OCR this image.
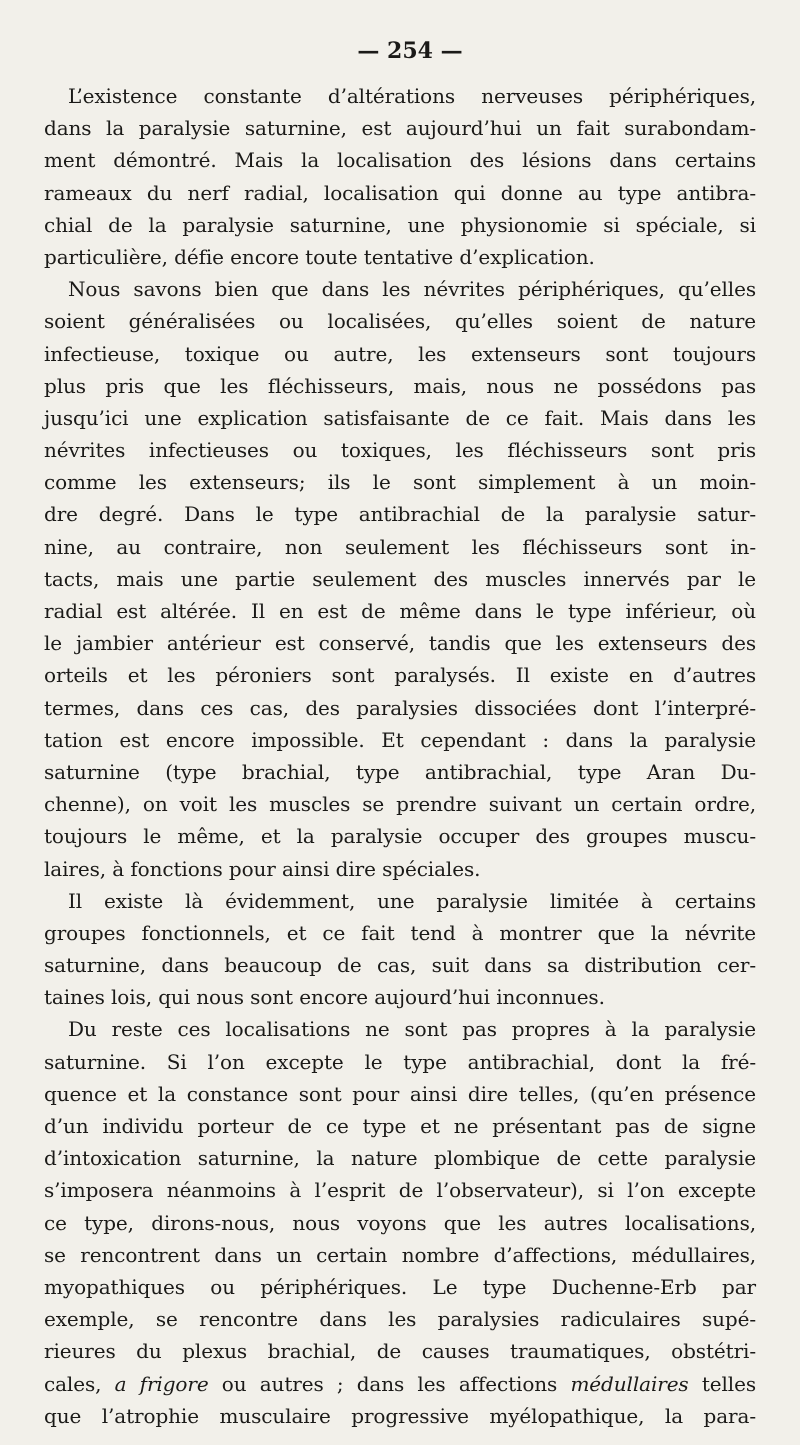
— 254 —
L’existence constante d’altérations nerveuses périphériques,
dans la paralysie saturnine, est aujourd’hui un fait surabondam-
ment démontré. Mais la localisation des lésions dans certains
rameaux du nerf radial, localisation qui donne au type antibra-
chial de la paralysie saturnine, une physionomie si spéciale, si
particulière, défie encore toute tentative d’explication.
Nous savons bien que dans les névrites périphériques, qu’elles
soient généralisées ou localisées, qu’elles soient de nature
infectieuse, toxique ou autre, les extenseurs sont toujours
plus pris que les fléchisseurs, mais, nous ne possédons pas
jusqu’ici une explication satisfaisante de ce fait. Mais dans les
névrites infectieuses ou toxiques, les fléchisseurs sont pris
comme les extenseurs; ils le sont simplement à un moin-
dre degré. Dans le type antibrachial de la paralysie satur-
nine, au contraire, non seulement les fléchisseurs sont in-
tacts, mais une partie seulement des muscles innervés par le
radial est altérée. Il en est de même dans le type inférieur, où
le jambier antérieur est conservé, tandis que les extenseurs des
orteils et les péroniers sont paralysés. Il existe en d’autres
termes, dans ces cas, des paralysies dissociées dont l’interpré-
tation est encore impossible. Et cependant : dans la paralysie
saturnine (type brachial, type antibrachial, type Aran Du-
chenne), on voit les muscles se prendre suivant un certain ordre,
toujours le même, et la paralysie occuper des groupes muscu-
laires, à fonctions pour ainsi dire spéciales.
Il existe là évidemment, une paralysie limitée à certains
groupes fonctionnels, et ce fait tend à montrer que la névrite
saturnine, dans beaucoup de cas, suit dans sa distribution cer-
taines lois, qui nous sont encore aujourd’hui inconnues.
Du reste ces localisations ne sont pas propres à la paralysie
saturnine. Si l’on excepte le type antibrachial, dont la fré-
quence et la constance sont pour ainsi dire telles, (qu’en présence
d’un individu porteur de ce type et ne présentant pas de signe
d’intoxication saturnine, la nature plombique de cette paralysie
s’imposera néanmoins à l’esprit de l’observateur), si l’on excepte
ce type, dirons-nous, nous voyons que les autres localisations,
se rencontrent dans un certain nombre d’affections, médullaires,
myopathiques ou périphériques. Le type Duchenne-Erb par
exemple, se rencontre dans les paralysies radiculaires supé-
rieures du plexus brachial, de causes traumatiques, obstétri-
cales, a frigore ou autres ; dans les affections médullaires telles
que l’atrophie musculaire progressive myélopathique, la para-
